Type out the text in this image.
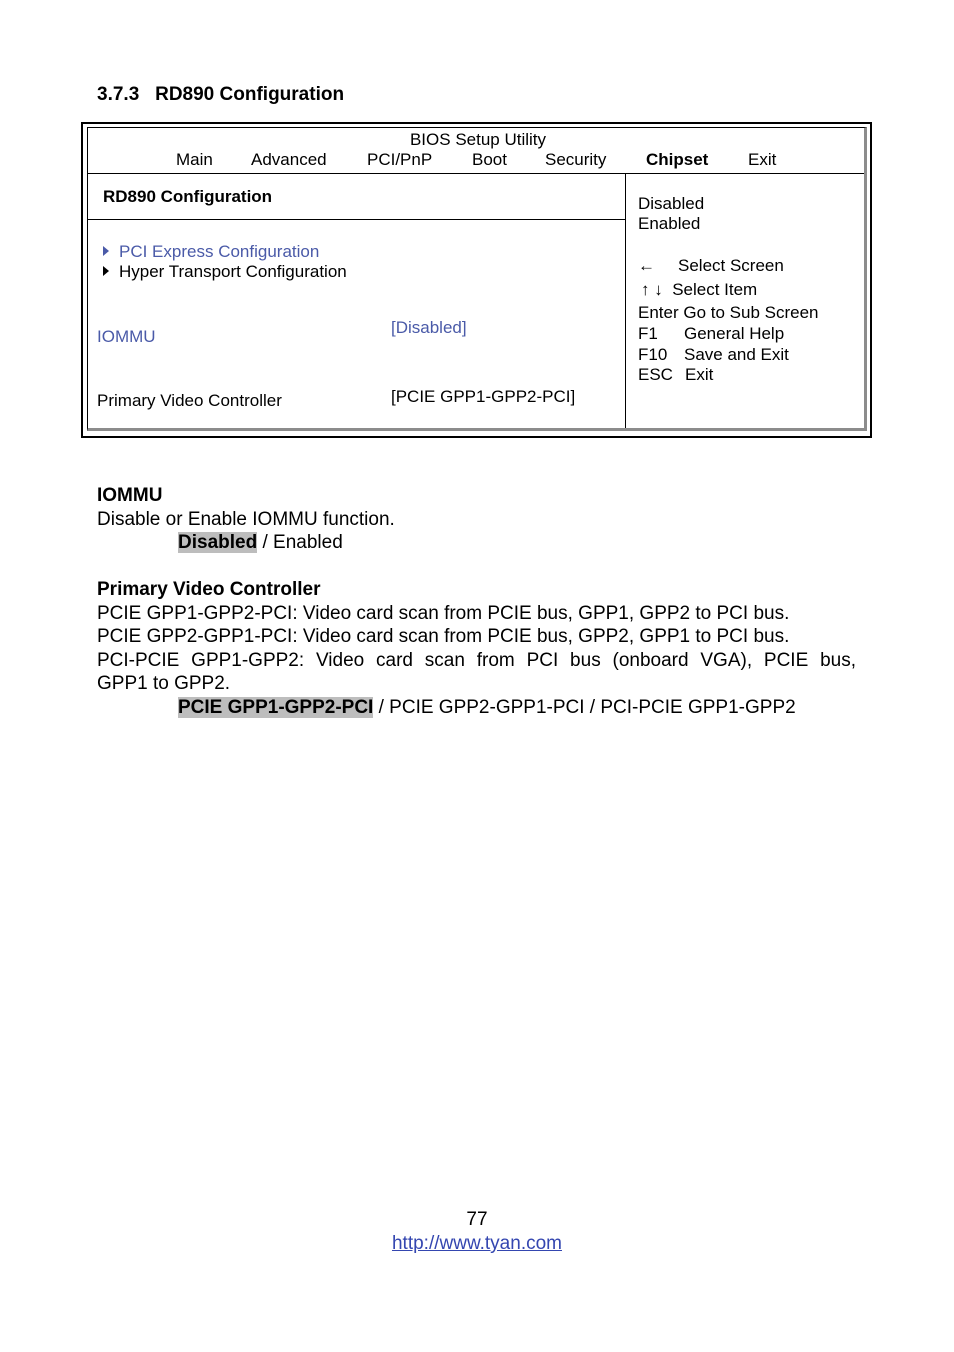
3.7.3 RD890 Configuration
BIOS Setup Utility
Main Advanced PCI/PnP Boot Security Chipset Exit
RD890 Configuration
PCI Express Configuration
Hyper Transport Configuration
IOMMU	[Disabled]
Primary Video Controller	[PCIE GPP1-GPP2-PCI]
Disabled
Enabled
← Select Screen
↑ ↓ Select Item
Enter Go to Sub Screen
F1 General Help
F10 Save and Exit
ESC Exit
IOMMU
Disable or Enable IOMMU function.
Disabled / Enabled
Primary Video Controller
PCIE GPP1-GPP2-PCI: Video card scan from PCIE bus, GPP1, GPP2 to PCI bus.
PCIE GPP2-GPP1-PCI: Video card scan from PCIE bus, GPP2, GPP1 to PCI bus.
PCI-PCIE GPP1-GPP2: Video card scan from PCI bus (onboard VGA), PCIE bus,
GPP1 to GPP2.
PCIE GPP1-GPP2-PCI / PCIE GPP2-GPP1-PCI / PCI-PCIE GPP1-GPP2
77
http://www.tyan.com
